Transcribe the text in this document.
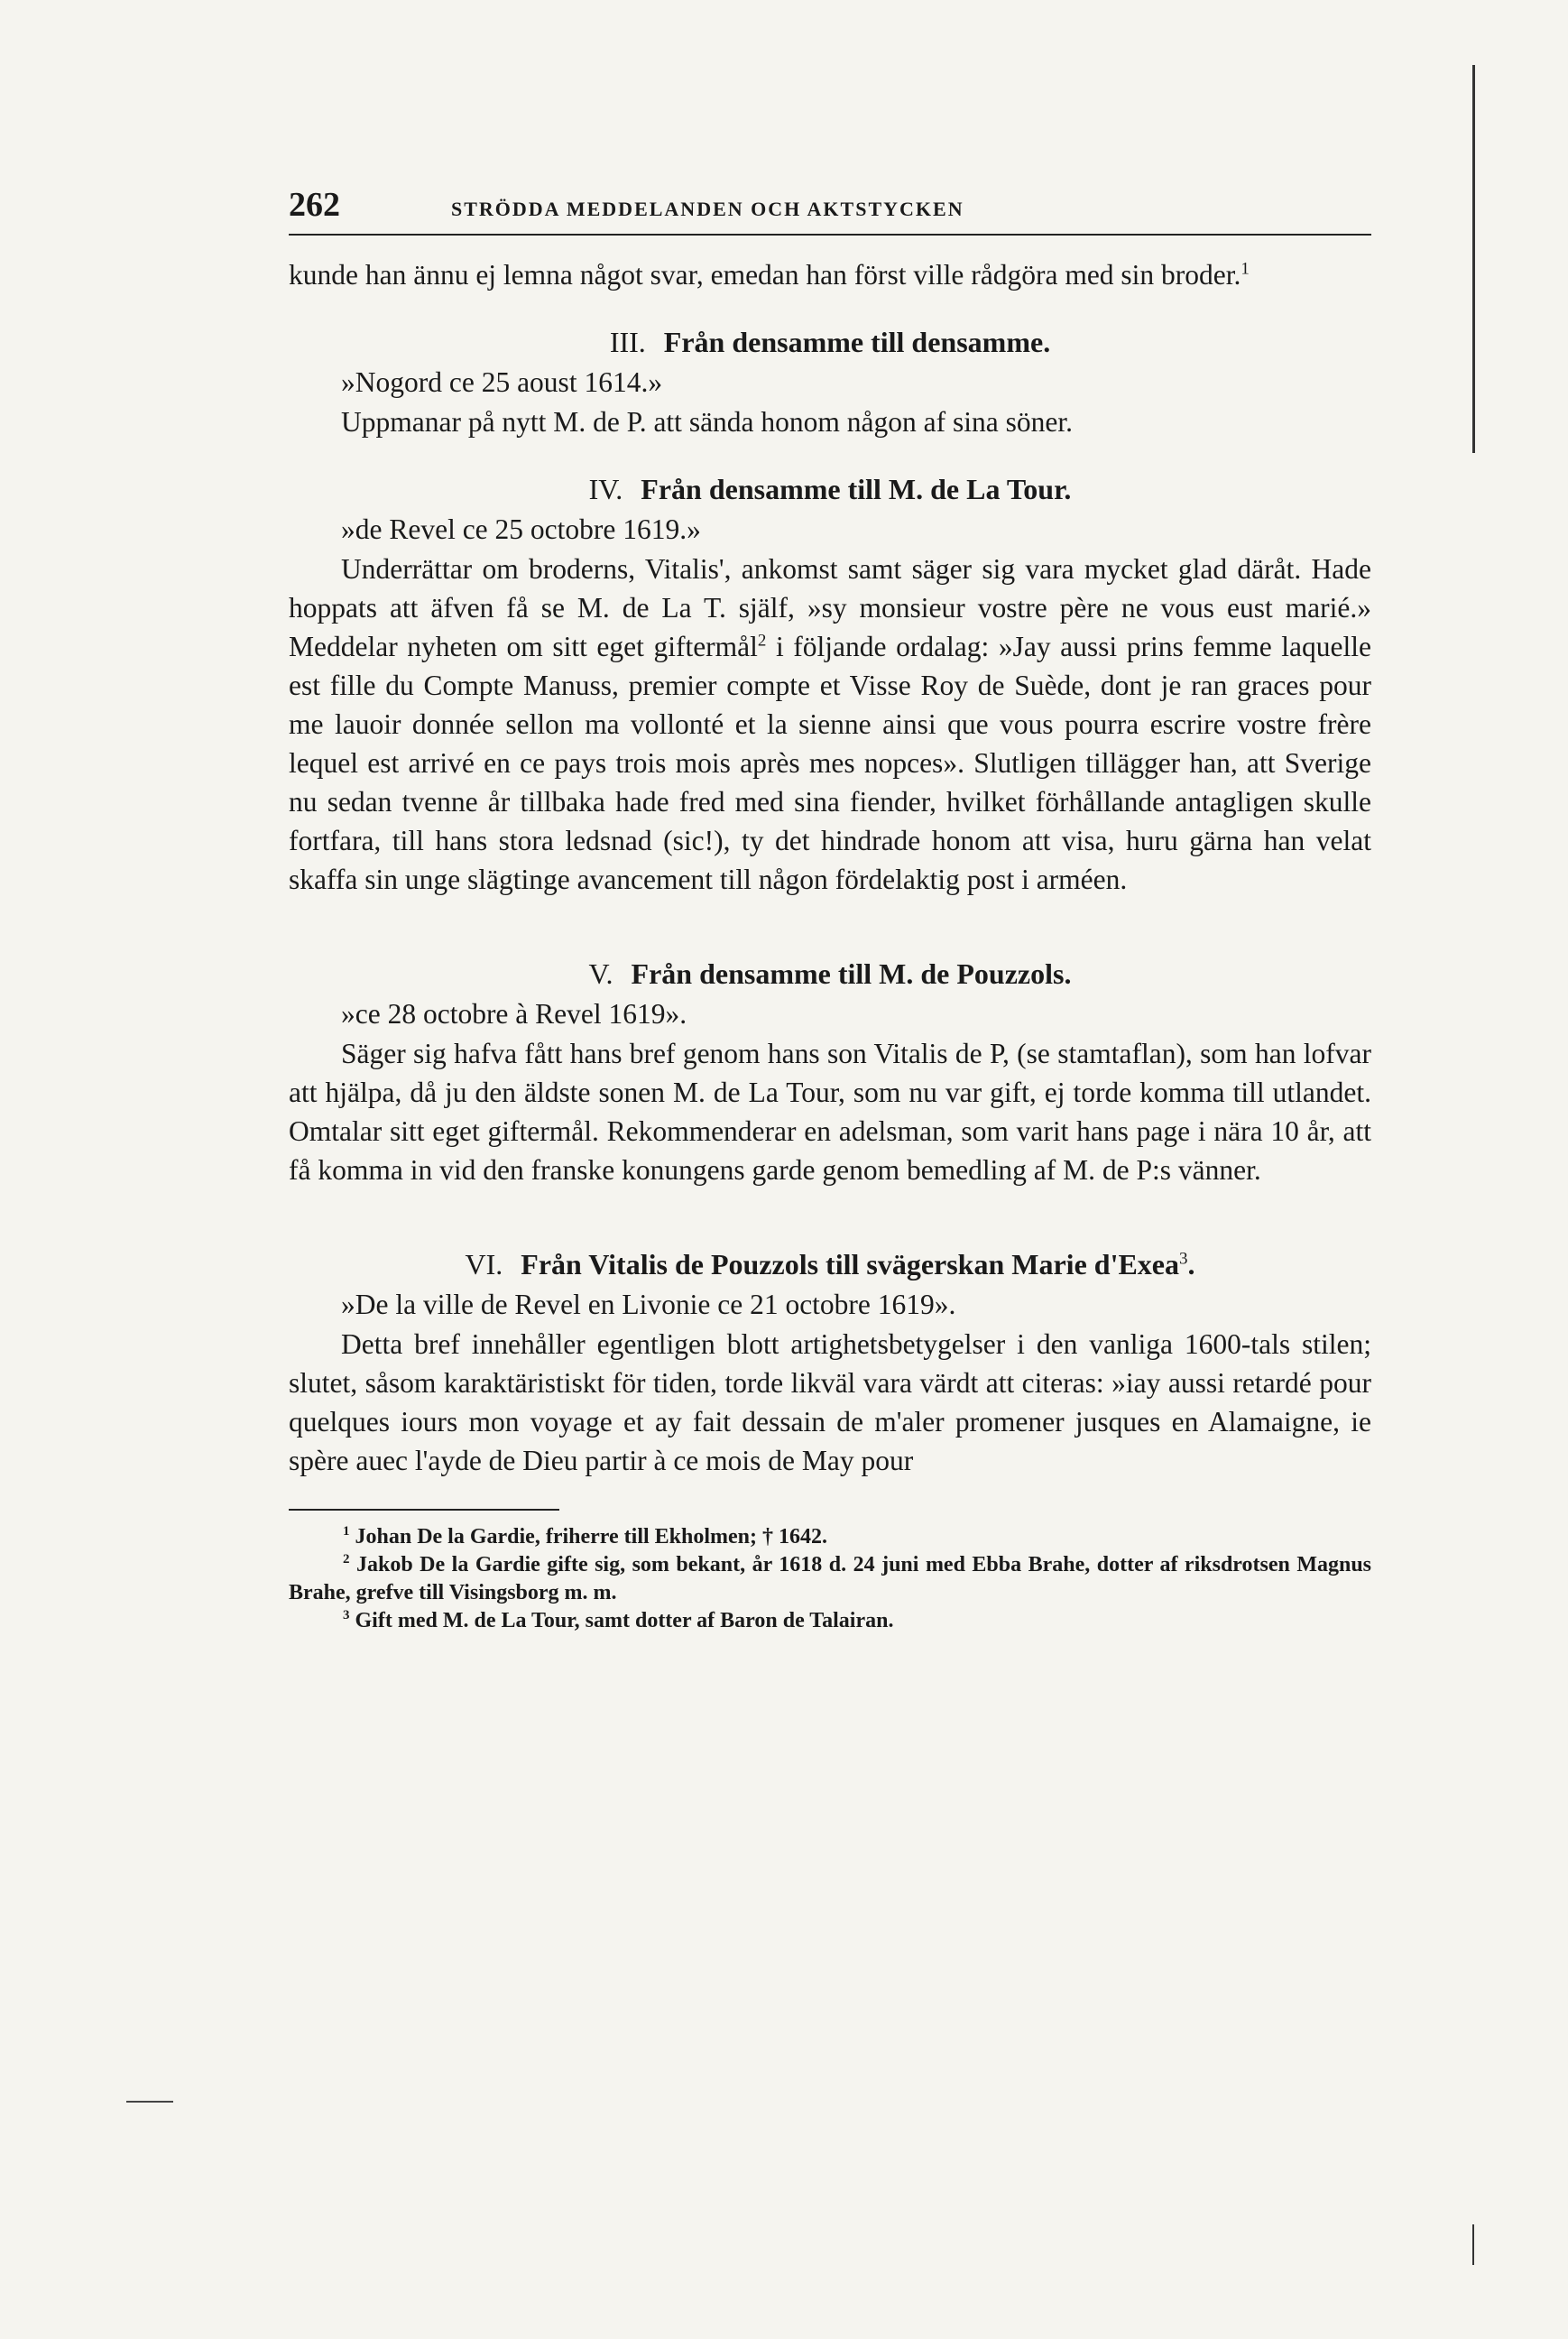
262	STRÖDDA MEDDELANDEN OCH AKTSTYCKEN

kunde han ännu ej lemna något svar, emedan han först ville rådgöra med sin broder.$^1$

III. Från densamme till densamme.
»Nogord ce 25 aoust 1614.»

Uppmanar på nytt M. de P. att sända honom någon af sina söner.

IV. Från densamme till M. de La Tour.
»de Revel ce 25 octobre 1619.»

Underrättar om broderns, Vitalis', ankomst samt säger sig vara mycket glad däråt. Hade hoppats att äfven få se M. de La T. själf, »sy monsieur vostre père ne vous eust marié.» Meddelar nyheten om sitt eget giftermål$^2$ i följande ordalag: »Jay aussi prins femme laquelle est fille du Compte Manuss, premier compte et Visse Roy de Suède, dont je ran graces pour me lauoir donnée sellon ma vollonté et la sienne ainsi que vous pourra escrire vostre frère lequel est arrivé en ce pays trois mois après mes nopces». Slutligen tillägger han, att Sverige nu sedan tvenne år tillbaka hade fred med sina fiender, hvilket förhållande antagligen skulle fortfara, till hans stora ledsnad (sic!), ty det hindrade honom att visa, huru gärna han velat skaffa sin unge slägtinge avancement till någon fördelaktig post i arméen.

V. Från densamme till M. de Pouzzols.
»ce 28 octobre à Revel 1619».

Säger sig hafva fått hans bref genom hans son Vitalis de P, (se stamtaflan), som han lofvar att hjälpa, då ju den äldste sonen M. de La Tour, som nu var gift, ej torde komma till utlandet. Omtalar sitt eget giftermål. Rekommenderar en adelsman, som varit hans page i nära 10 år, att få komma in vid den franske konungens garde genom bemedling af M. de P:s vänner.

VI. Från Vitalis de Pouzzols till svägerskan Marie d'Exea$^3$.
»De la ville de Revel en Livonie ce 21 octobre 1619».

Detta bref innehåller egentligen blott artighetsbetygelser i den vanliga 1600-tals stilen; slutet, såsom karaktäristiskt för tiden, torde likväl vara värdt att citeras: »iay aussi retardé pour quelques iours mon voyage et ay fait dessain de m'aler promener jusques en Alamaigne, ie spère auec l'ayde de Dieu partir à ce mois de May pour

$^1$ Johan De la Gardie, friherre till Ekholmen; † 1642.
$^2$ Jakob De la Gardie gifte sig, som bekant, år 1618 d. 24 juni med Ebba Brahe, dotter af riksdrotsen Magnus Brahe, grefve till Visingsborg m. m.
$^3$ Gift med M. de La Tour, samt dotter af Baron de Talairan.
